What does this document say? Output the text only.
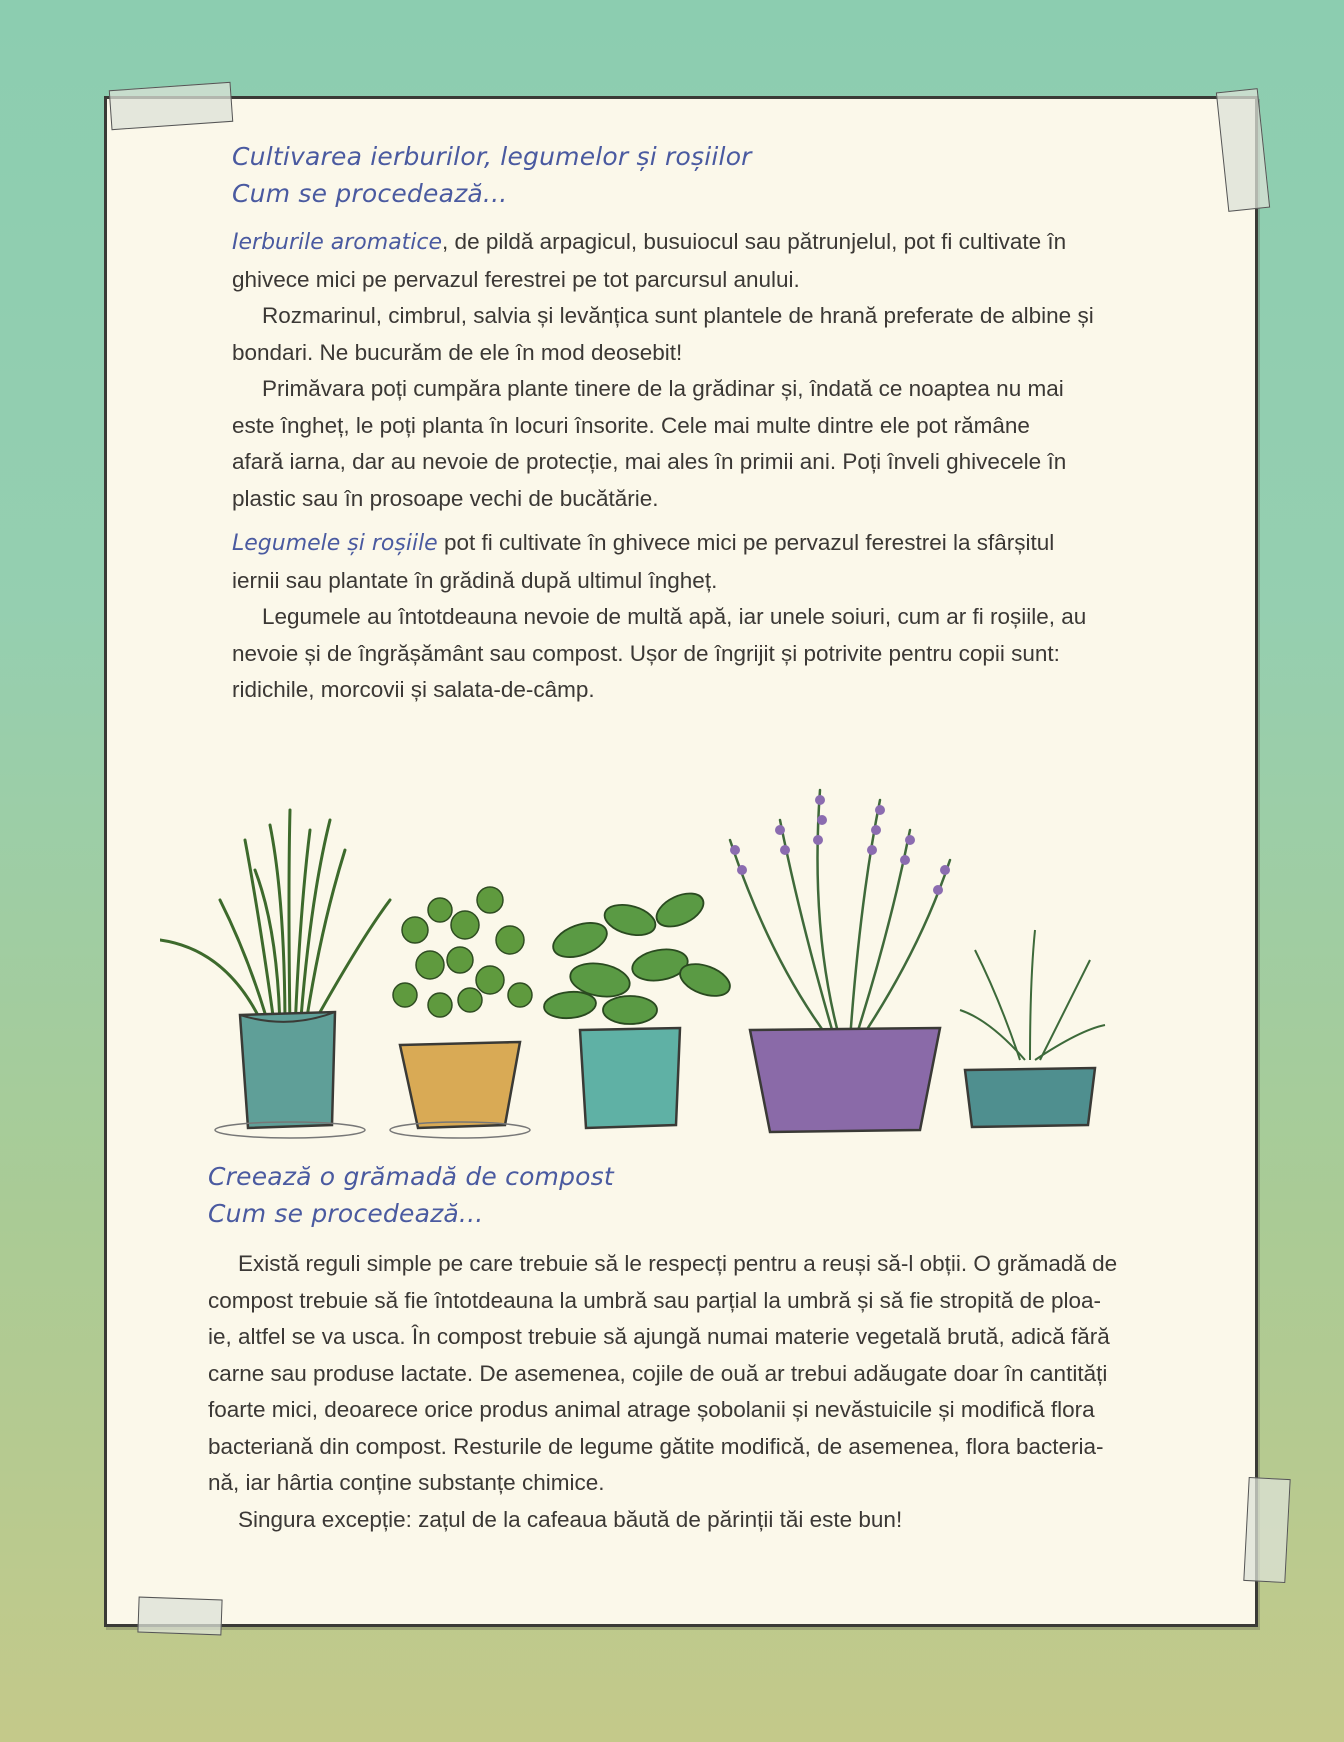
Cultivarea ierburilor, legumelor și roșiilor
Cum se procedează...

Ierburile aromatice, de pildă arpagicul, busuiocul sau pătrunjelul, pot fi cultivate în

ghivece mici pe pervazul ferestrei pe tot parcursul anului.

Rozmarinul, cimbrul, salvia și levănțica sunt plantele de hrană preferate de albine și

bondari. Ne bucurăm de ele în mod deosebit!

Primăvara poți cumpăra plante tinere de la grădinar și, îndată ce noaptea nu mai

este îngheț, le poți planta în locuri însorite. Cele mai multe dintre ele pot rămâne

afară iarna, dar au nevoie de protecție, mai ales în primii ani. Poți înveli ghivecele în

plastic sau în prosoape vechi de bucătărie.

Legumele și roșiile pot fi cultivate în ghivece mici pe pervazul ferestrei la sfârșitul

iernii sau plantate în grădină după ultimul îngheț.

Legumele au întotdeauna nevoie de multă apă, iar unele soiuri, cum ar fi roșiile, au

nevoie și de îngrășământ sau compost. Ușor de îngrijit și potrivite pentru copii sunt:

ridichile, morcovii și salata-de-câmp.

Creează o grămadă de compost
Cum se procedează...

Există reguli simple pe care trebuie să le respecți pentru a reuși să-l obții. O grămadă de

compost trebuie să fie întotdeauna la umbră sau parțial la umbră și să fie stropită de ploa-

ie, altfel se va usca. În compost trebuie să ajungă numai materie vegetală brută, adică fără

carne sau produse lactate. De asemenea, cojile de ouă ar trebui adăugate doar în cantități

foarte mici, deoarece orice produs animal atrage șobolanii și nevăstuicile și modifică flora

bacteriană din compost. Resturile de legume gătite modifică, de asemenea, flora bacteria-

nă, iar hârtia conține substanțe chimice.

Singura excepție: zațul de la cafeaua băută de părinții tăi este bun!
